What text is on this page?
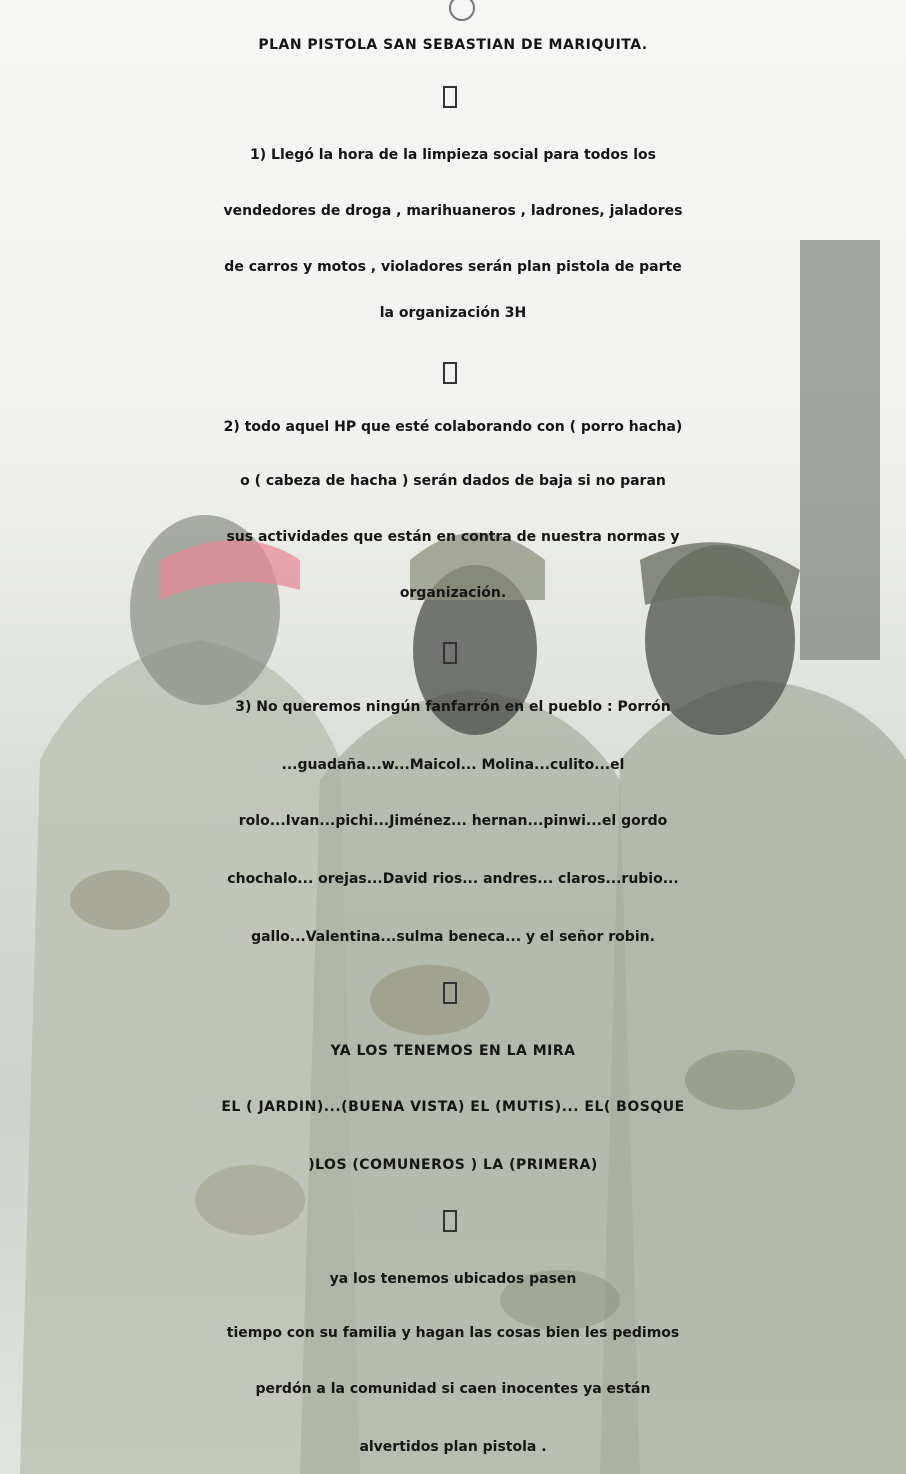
PLAN PISTOLA SAN SEBASTIAN DE MARIQUITA.
1) Llegó la hora de la limpieza social para todos los
vendedores de droga , marihuaneros , ladrones, jaladores
de carros y motos , violadores serán plan pistola de parte
la organización 3H
2) todo aquel HP que esté colaborando con ( porro hacha)
o ( cabeza de hacha ) serán dados de baja si no paran
sus actividades que están en contra de nuestra normas y
organización.
3) No queremos ningún fanfarrón en el pueblo : Porrón
...guadaña...w...Maicol... Molina...culito...el
rolo...Ivan...pichi...Jiménez... hernan...pinwi...el gordo
chochalo... orejas...David rios... andres... claros...rubio...
gallo...Valentina...sulma beneca... y el señor robin.
YA LOS TENEMOS EN LA MIRA
EL ( JARDIN)...(BUENA VISTA) EL (MUTIS)... EL( BOSQUE
)LOS (COMUNEROS ) LA (PRIMERA)
ya los tenemos ubicados pasen
tiempo con su familia y hagan las cosas bien les pedimos
perdón a la comunidad si caen inocentes ya están
alvertidos plan pistola .
